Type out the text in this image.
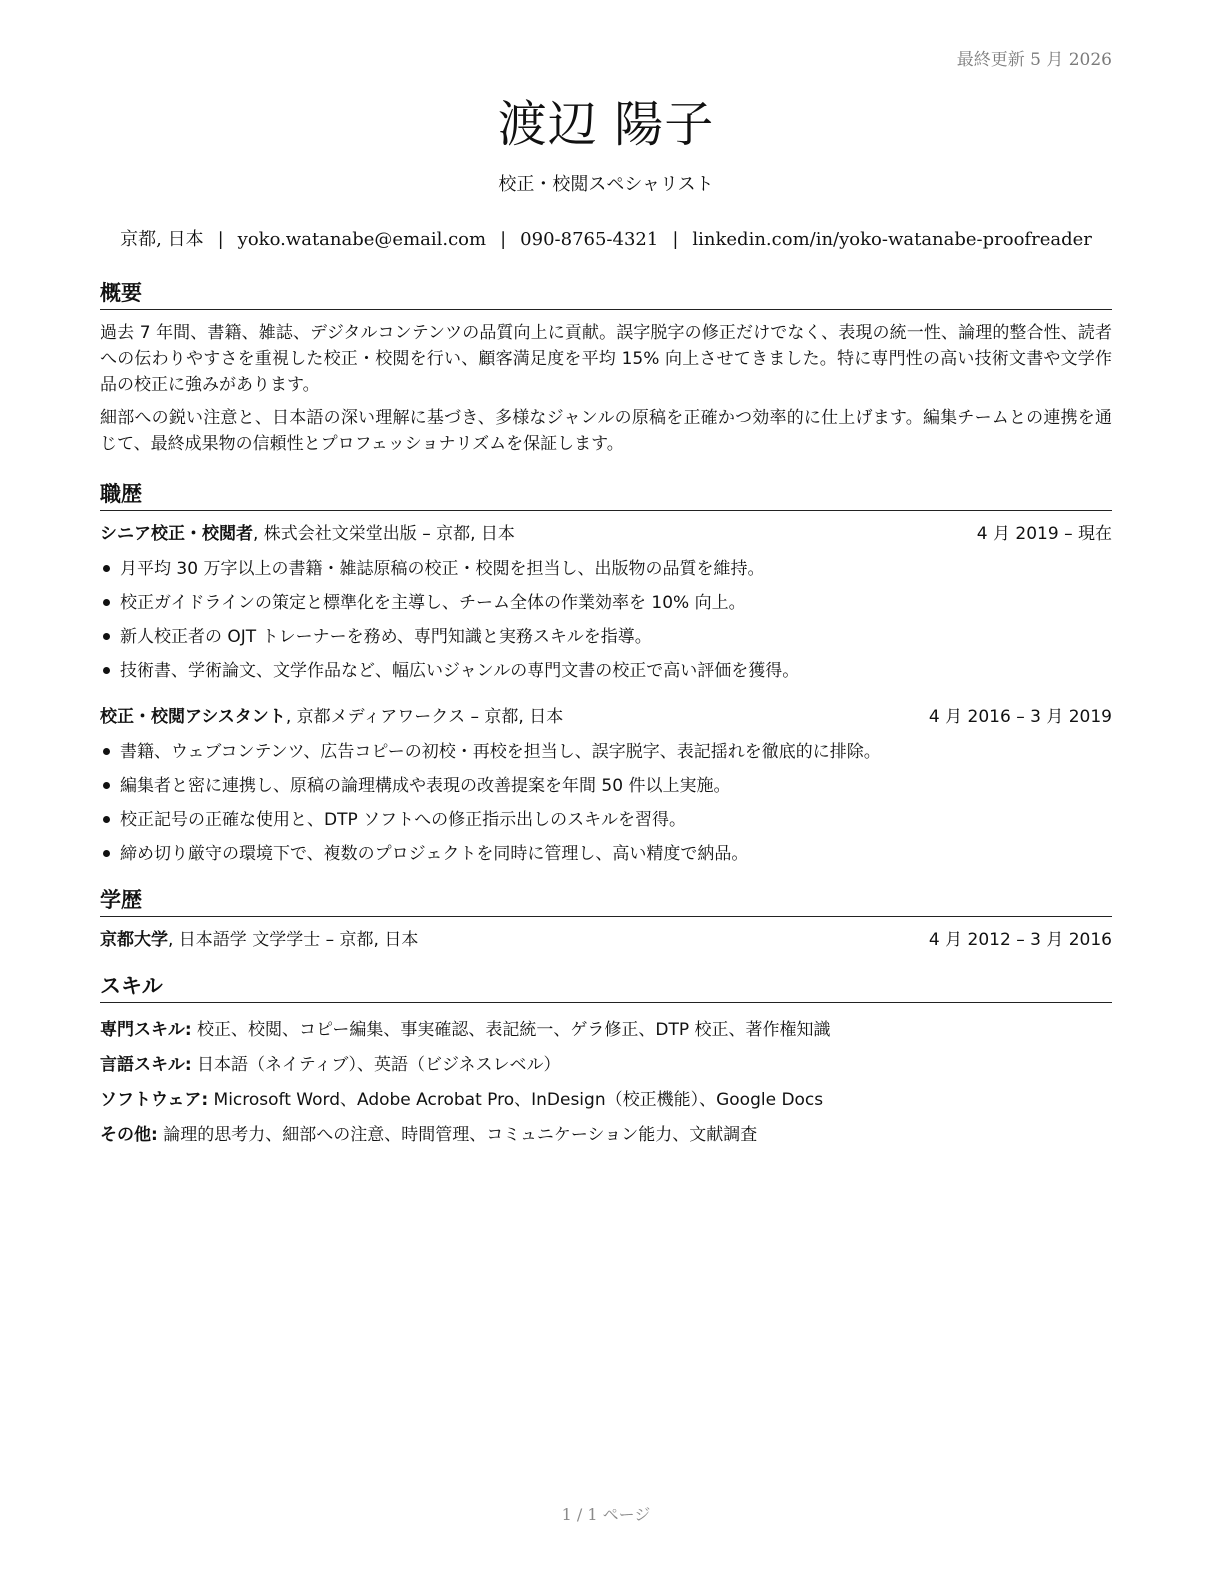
最終更新 5 月 2026
渡辺 陽子
校正・校閲スペシャリスト
京都, 日本 | yoko.watanabe@email.com | 090-8765-4321 | linkedin.com/in/yoko-watanabe-proofreader
概要

過去 7 年間、書籍、雑誌、デジタルコンテンツの品質向上に貢献。誤字脱字の修正だけでなく、表現の統一性、論理的整合性、読者への伝わりやすさを重視した校正・校閲を行い、顧客満足度を平均 15% 向上させてきました。特に専門性の高い技術文書や文学作品の校正に強みがあります。

細部への鋭い注意と、日本語の深い理解に基づき、多様なジャンルの原稿を正確かつ効率的に仕上げます。編集チームとの連携を通じて、最終成果物の信頼性とプロフェッショナリズムを保証します。

職歴
シニア校正・校閲者, 株式会社文栄堂出版 – 京都, 日本	4 月 2019 – 現在
月平均 30 万字以上の書籍・雑誌原稿の校正・校閲を担当し、出版物の品質を維持。
校正ガイドラインの策定と標準化を主導し、チーム全体の作業効率を 10% 向上。
新人校正者の OJT トレーナーを務め、専門知識と実務スキルを指導。
技術書、学術論文、文学作品など、幅広いジャンルの専門文書の校正で高い評価を獲得。
校正・校閲アシスタント, 京都メディアワークス – 京都, 日本	4 月 2016 – 3 月 2019
書籍、ウェブコンテンツ、広告コピーの初校・再校を担当し、誤字脱字、表記揺れを徹底的に排除。
編集者と密に連携し、原稿の論理構成や表現の改善提案を年間 50 件以上実施。
校正記号の正確な使用と、DTP ソフトへの修正指示出しのスキルを習得。
締め切り厳守の環境下で、複数のプロジェクトを同時に管理し、高い精度で納品。
学歴
京都大学, 日本語学 文学学士 – 京都, 日本	4 月 2012 – 3 月 2016
スキル
専門スキル: 校正、校閲、コピー編集、事実確認、表記統一、ゲラ修正、DTP 校正、著作権知識
言語スキル: 日本語（ネイティブ）、英語（ビジネスレベル）
ソフトウェア: Microsoft Word、Adobe Acrobat Pro、InDesign（校正機能）、Google Docs
その他: 論理的思考力、細部への注意、時間管理、コミュニケーション能力、文献調査
1 / 1 ページ
